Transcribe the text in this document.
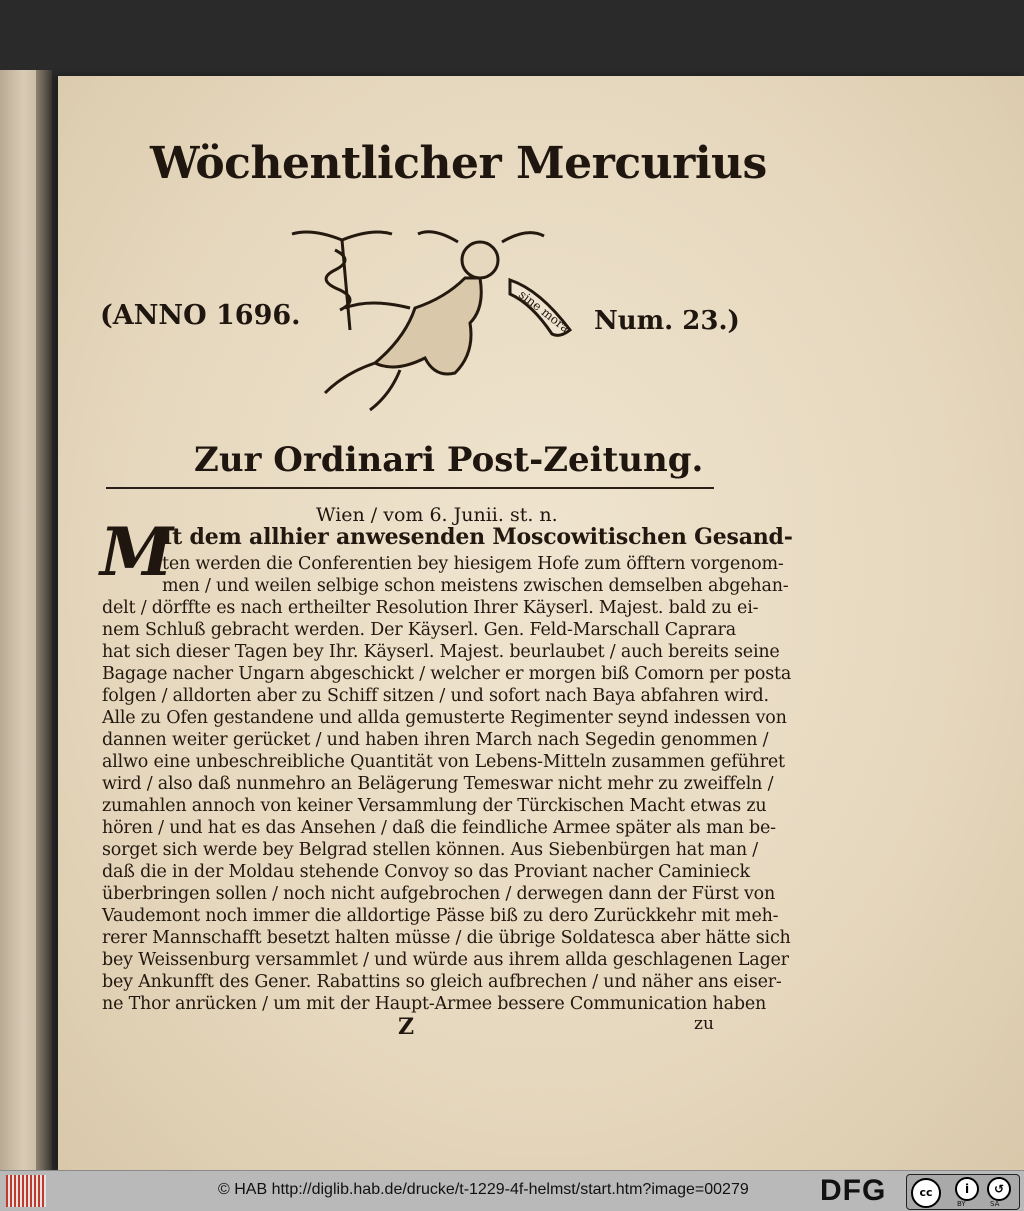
Wöchentlicher Mercurius
(ANNO 1696.	Num. 23.)
sine mora
Zur Ordinari Post-Zeitung.
Wien / vom 6. Junii. st. n.
M
It dem allhier anwesenden Moscowitischen Gesand-
ten werden die Conferentien bey hiesigem Hofe zum öfftern vorgenom-
men / und weilen selbige schon meistens zwischen demselben abgehan-
delt / dörffte es nach ertheilter Resolution Ihrer Käyserl. Majest. bald zu ei-
nem Schluß gebracht werden. Der Käyserl. Gen. Feld-Marschall Caprara
hat sich dieser Tagen bey Ihr. Käyserl. Majest. beurlaubet / auch bereits seine
Bagage nacher Ungarn abgeschickt / welcher er morgen biß Comorn per posta
folgen / alldorten aber zu Schiff sitzen / und sofort nach Baya abfahren wird.
Alle zu Ofen gestandene und allda gemusterte Regimenter seynd indessen von
dannen weiter gerücket / und haben ihren March nach Segedin genommen /
allwo eine unbeschreibliche Quantität von Lebens-Mitteln zusammen geführet
wird / also daß nunmehro an Belägerung Temeswar nicht mehr zu zweiffeln /
zumahlen annoch von keiner Versammlung der Türckischen Macht etwas zu
hören / und hat es das Ansehen / daß die feindliche Armee später als man be-
sorget sich werde bey Belgrad stellen können. Aus Siebenbürgen hat man /
daß die in der Moldau stehende Convoy so das Proviant nacher Caminieck
überbringen sollen / noch nicht aufgebrochen / derwegen dann der Fürst von
Vaudemont noch immer die alldortige Pässe biß zu dero Zurückkehr mit meh-
rerer Mannschafft besetzt halten müsse / die übrige Soldatesca aber hätte sich
bey Weissenburg versammlet / und würde aus ihrem allda geschlagenen Lager
bey Ankunfft des Gener. Rabattins so gleich aufbrechen / und näher ans eiser-
ne Thor anrücken / um mit der Haupt-Armee bessere Communication haben
Z	zu
© HAB http://diglib.hab.de/drucke/t-1229-4f-helmst/start.htm?image=00279 DFG	cc	i	↺
BY	SA
